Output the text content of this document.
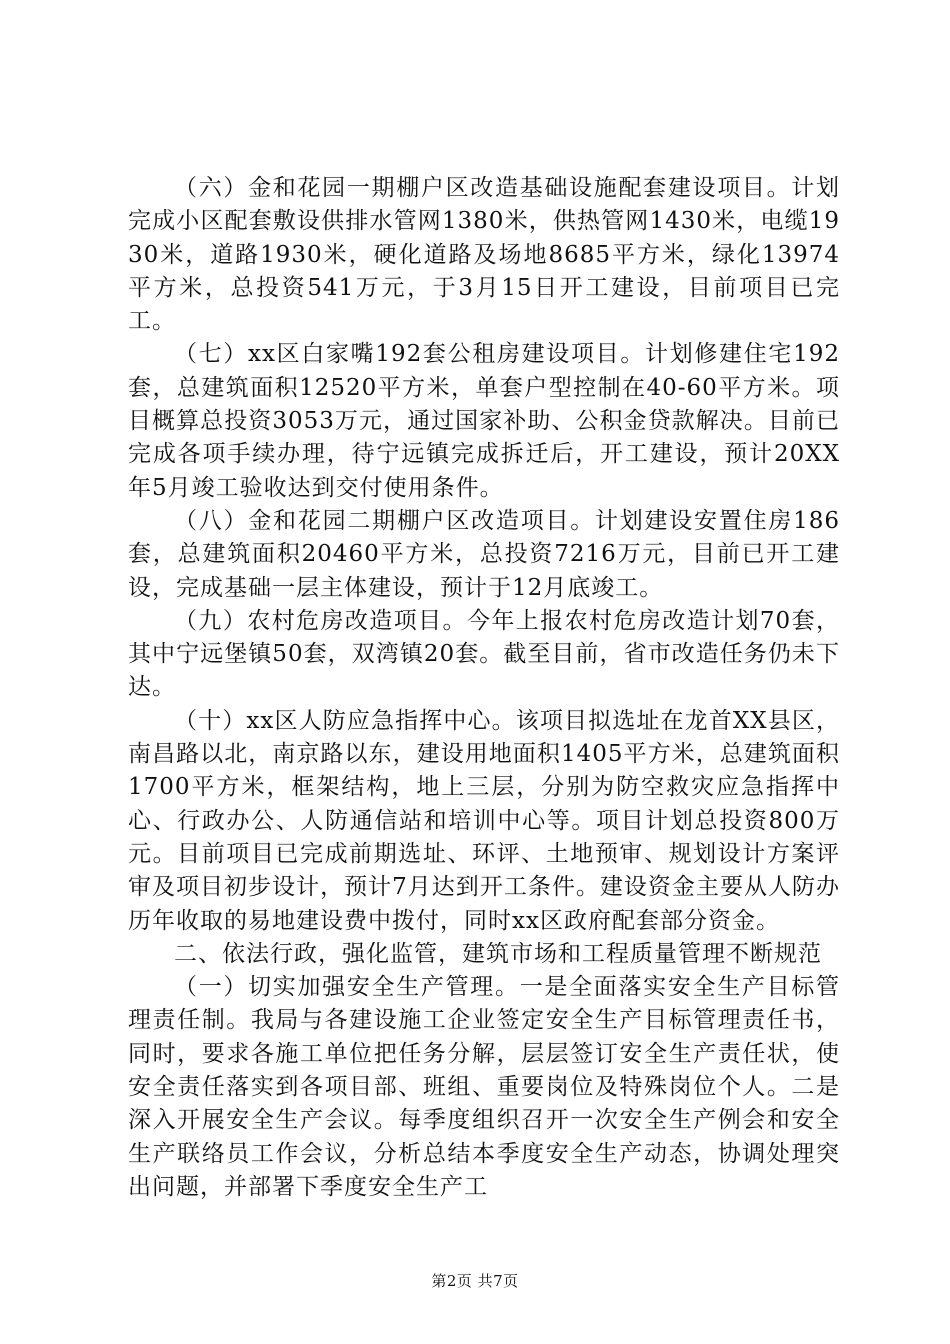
（六）金和花园一期棚户区改造基础设施配套建设项目。计划完成小区配套敷设供排水管网1380米，供热管网1430米，电缆1930米，道路1930米，硬化道路及场地8685平方米，绿化13974平方米，总投资541万元，于3月15日开工建设，目前项目已完工。

（七）xx区白家嘴192套公租房建设项目。计划修建住宅192套，总建筑面积12520平方米，单套户型控制在40-60平方米。项目概算总投资3053万元，通过国家补助、公积金贷款解决。目前已完成各项手续办理，待宁远镇完成拆迁后，开工建设，预计20XX年5月竣工验收达到交付使用条件。

（八）金和花园二期棚户区改造项目。计划建设安置住房186套，总建筑面积20460平方米，总投资7216万元，目前已开工建设，完成基础一层主体建设，预计于12月底竣工。

（九）农村危房改造项目。今年上报农村危房改造计划70套，其中宁远堡镇50套，双湾镇20套。截至目前，省市改造任务仍未下达。

（十）xx区人防应急指挥中心。该项目拟选址在龙首XX县区，南昌路以北，南京路以东，建设用地面积1405平方米，总建筑面积1700平方米，框架结构，地上三层，分别为防空救灾应急指挥中心、行政办公、人防通信站和培训中心等。项目计划总投资800万元。目前项目已完成前期选址、环评、土地预审、规划设计方案评审及项目初步设计，预计7月达到开工条件。建设资金主要从人防办历年收取的易地建设费中拨付，同时xx区政府配套部分资金。

二、依法行政，强化监管，建筑市场和工程质量管理不断规范

（一）切实加强安全生产管理。一是全面落实安全生产目标管理责任制。我局与各建设施工企业签定安全生产目标管理责任书，同时，要求各施工单位把任务分解，层层签订安全生产责任状，使安全责任落实到各项目部、班组、重要岗位及特殊岗位个人。二是深入开展安全生产会议。每季度组织召开一次安全生产例会和安全生产联络员工作会议，分析总结本季度安全生产动态，协调处理突出问题，并部署下季度安全生产工

第2页 共7页
